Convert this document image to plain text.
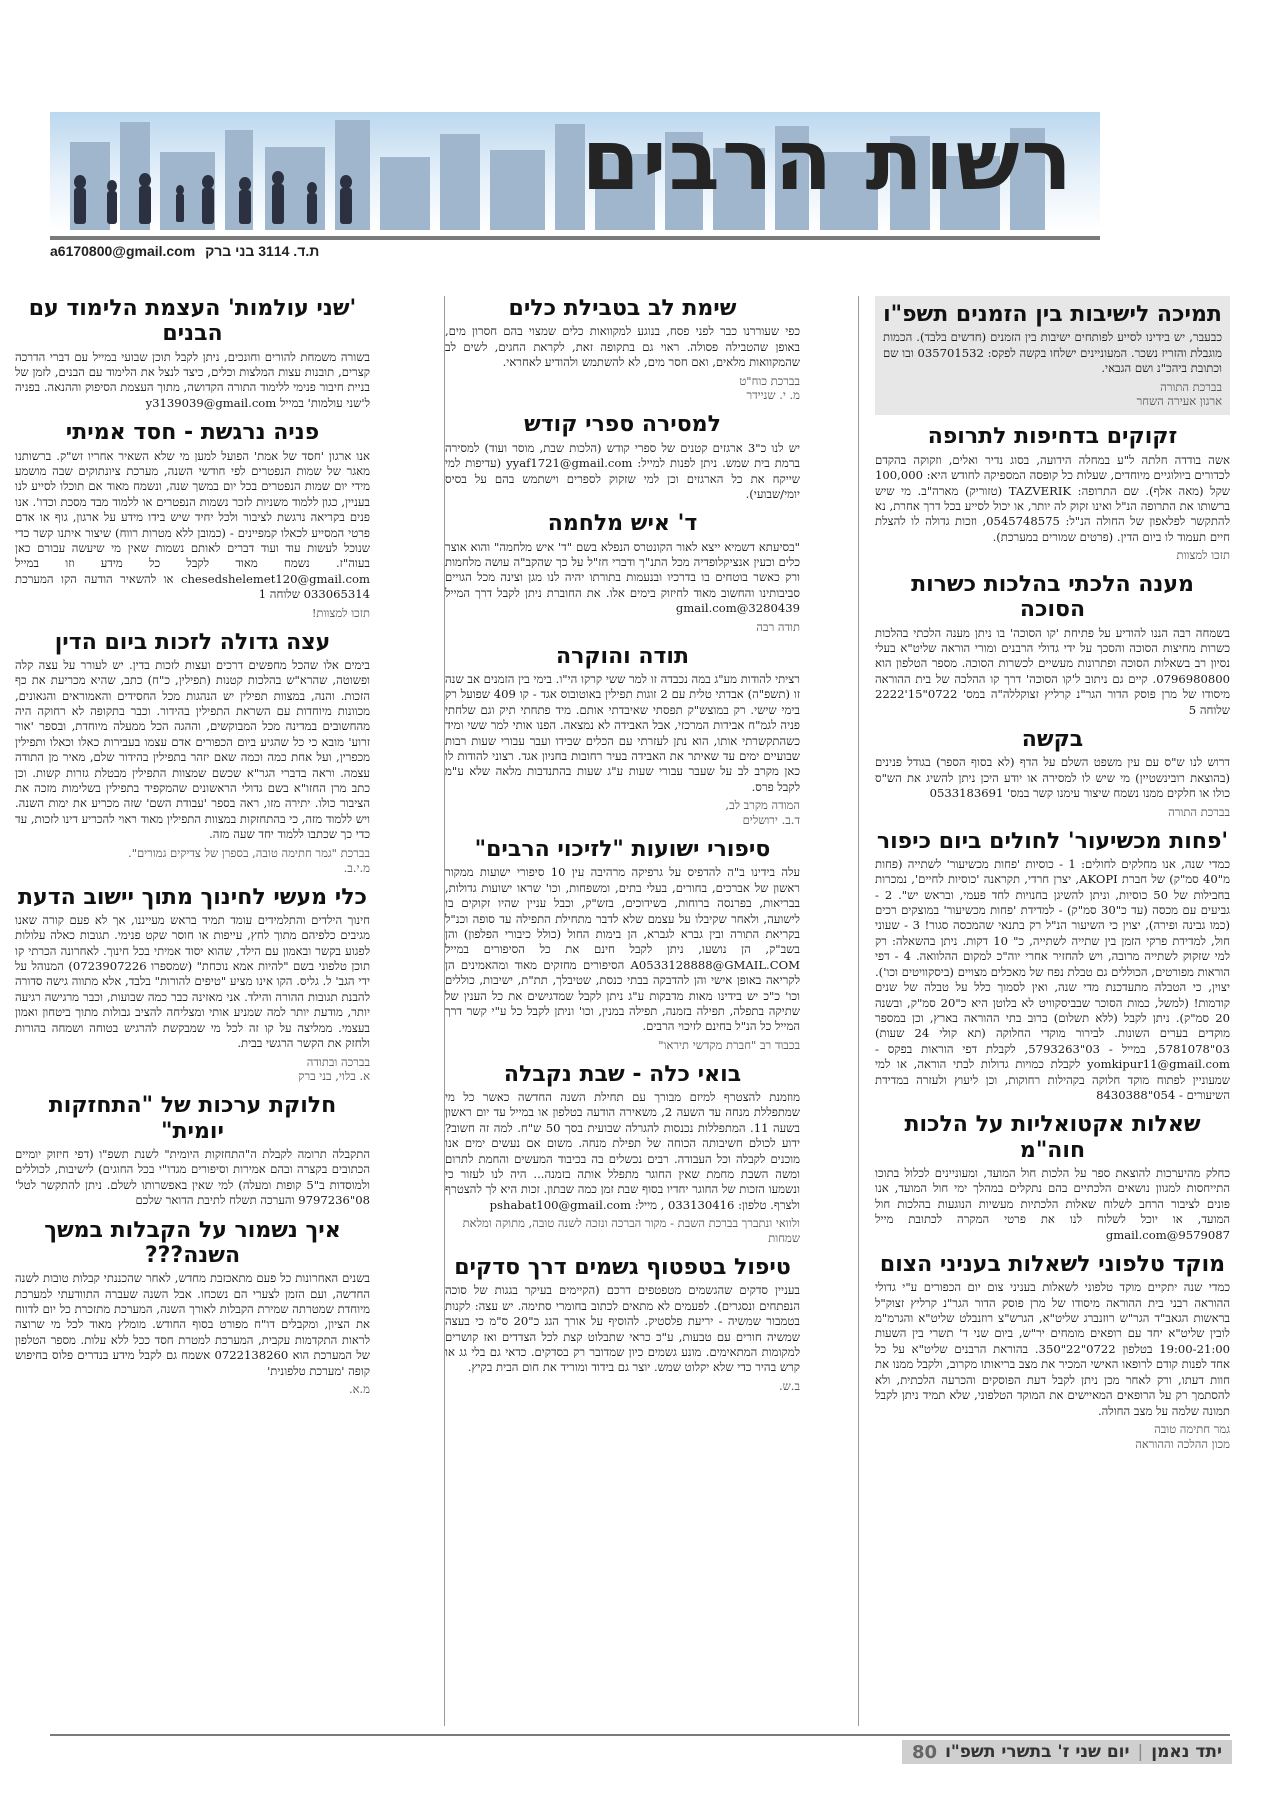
רשות הרבים
a6170800@gmail.com ת.ד. 3114 בני ברק
תמיכה לישיבות בין הזמנים תשפ"ו

כבעבר, יש בידינו לסייע לפותחים ישיבות בין הזמנים (חדשים בלבד). הכמות מוגבלת והזריז נשכר. המעוניינים ישלחו בקשה לפקס: 035701532 ובו שם וכתובת ביהכ"נ ושם הגבאי.

בברכת התורה
ארגון אעירה השחר
זקוקים בדחיפות לתרופה

אשה בודדה חלתה ל"ע במחלה הידועה, בסוג נדיר ואלים, וזקוקה בהקדם לכדורים ביולוגיים מיוחדים, שעלות כל קופסה המספיקה לחודש היא: 100,000 שקל (מאה אלף). שם התרופה: TAZVERIK (טזוריק) מארה"ב. מי שיש ברשותו את התרופה הנ"ל ואינו זקוק לה יותר, או יכול לסייע בכל דרך אחרת, נא להתקשר לפלאפון של החולה הנ"ל: 0545748575, וזכות גדולה לו להצלת חיים תעמוד לו ביום הדין. (פרטים שמורים במערכת).

תזכו למצוות
מענה הלכתי בהלכות כשרות הסוכה

בשמחה רבה הננו להודיע על פתיחת 'קו הסוכה' בו ניתן מענה הלכתי בהלכות כשרות מחיצות הסוכה והסכך על ידי גדולי הרבנים ומורי הוראה שליט"א בעלי נסיון רב בשאלות הסוכה ופתרונות מעשיים לכשרות הסוכה. מספר הטלפון הוא 0796980800. קיים גם ניתוב ל'קו הסוכה' דרך קו ההלכה של בית ההוראה מיסודו של מרן פוסק הדור הגר"נ קרליץ זצוקללה"ה במס' 0722"15'2222 שלוחה 5

בקשה

דרוש לנו ש"ס עם עין משפט השלם על הדף (לא בסוף הספר) בגודל פנינים (בהוצאת רובינשטיין) מי שיש לו למסירה או יודע היכן ניתן להשיג את הש"ס כולו או חלקים ממנו נשמח שיצור עימנו קשר במס' 0533183691

בברכת התורה
'פחות מכשיעור' לחולים ביום כיפור

כמדי שנה, אנו מחלקים לחולים: 1 - כוסיות 'פחות מכשיעור' לשתייה (פחות מ"40 סמ"ק) של חברת AKOPI, יצרן חרדי, תקראנה 'כוסיות לחיים', נמכרות בחבילות של 50 כוסיות, וניתן להשיגן בחנויות לחד פעמי, ובראש יש". 2 - גביעים עם מכסה (עד כ"30 סמ"ק) - למדידת 'פחות מכשיעור' במוצקים רכים (כמו גבינה ופירה), יצוין כי השיעור הנ"ל רק בתנאי שהמכסה סגור! 3 - שעוני חול, למדידת פרקי הזמן בין שתייה לשתייה, כ" 10 דקות. ניתן בהשאלה: רק למי שזקוק לשתייה מרובה, ויש להחזיר אחרי יוה"כ למקום ההלוואה. 4 - דפי הוראות מפורטים, הכוללים גם טבלת נפח של מאכלים מצויים (ביסקוויטים וכו'). יצוין, כי הטבלה מתעדכנת מדי שנה, ואין לסמוך כלל על טבלה של שנים קודמות! (למשל, כמות הסוכר שבביסקוויט לא בלוטן היא כ"20 סמ"ק, ובשנה 20 סמ"ק). ניתן לקבל (ללא תשלום) ברוב בתי ההוראה בארץ, וכן במספר מוקדים בערים השונות. לבירור מוקדי החלוקה (תא קולי 24 שעות) 03"5781078, במייל - 03"5793263, לקבלת דפי הוראות בפקס - yomkipur11@gmail.com לקבלת כמויות גדולות לבתי הוראה, או למי שמעוניין לפתוח מוקד חלוקה בקהילות רחוקות, וכן ליעוץ ולעזרה במדידת השיעורים - 054"8430388

שאלות אקטואליות על הלכות חוה"מ

כחלק מהיערכות להוצאת ספר על הלכות חול המועד, ומעוניינים לכלול בתוכו התייחסות למגוון נושאים הלכתיים בהם נתקלים במהלך ימי חול המועד, אנו פונים לציבור הרחב לשלוח שאלות הלכתיות מעשיות הנוגעות בהלכות חול המועד, או יוכל לשלוח לנו את פרטי המקרה לכתובת מייל 9579087@gmail.com

מוקד טלפוני לשאלות בעניני הצום

כמדי שנה יתקיים מוקד טלפוני לשאלות בעניני צום יום הכפורים ע"י גדולי ההוראה רבני בית ההוראה מיסודו של מרן פוסק הדור הגר"נ קרליץ זצוק"ל בראשות הגאב"ד הגר"ש רוזנברג שליט"א, הגרש"צ רוזנבלט שליט"א והגרמ"מ לובין שליט"א יחד עם רופאים מומחים יר"ש, ביום שני ד' תשרי בין השעות 19:00-21:00 בטלפון 0722"22"350. בהוראת הרבנים שליט"א על כל אחד לפנות קודם לרופאו האישי המכיר את מצב בריאותו מקרוב, ולקבל ממנו את חוות דעתו, ורק לאחר מכן ניתן לקבל דעת הפוסקים והכרעה הלכתית, ולא להסתמך רק על הרופאים המאיישים את המוקד הטלפוני, שלא תמיד ניתן לקבל תמונה שלמה על מצב החולה.

גמר חתימה טובה
מכון ההלכה וההוראה
שימת לב בטבילת כלים

כפי שעוררנו כבר לפני פסח, בנוגע למקוואות כלים שמצוי בהם חסרון מים, באופן שהטבילה פסולה. ראוי גם בתקופה זאת, לקראת החגים, לשים לב שהמקוואות מלאים, ואם חסר מים, לא להשתמש ולהודיע לאחראי.

בברכת כוח"ט
מ. י. שניידר
למסירה ספרי קודש

יש לנו כ"3 ארגזים קטנים של ספרי קודש (הלכות שבת, מוסר ועוד) למסירה ברמת בית שמש. ניתן לפנות למייל: yyaf1721@gmail.com (עדיפות למי שייקח את כל הארגזים וכן למי שזקוק לספרים וישתמש בהם על בסיס יומי/שבועי).

ד' איש מלחמה

"בסיעתא דשמיא ייצא לאור הקונטרס הנפלא בשם "ד' איש מלחמה" והוא אוצר כלים וכעין אנציקלופדיה מכל התנ"ך ודברי חז"ל על כך שהקב"ה עושה מלחמות ורק כאשר בוטחים בו בדרכיו ובנעמות בתורתו יהיה לנו מגן וצינה מכל הגויים סביבותינו והחשוב מאוד לחיזוק בימים אלו. את החוברת ניתן לקבל דרך המייל 3280439@gmail.com

תודה רבה
תודה והוקרה

רציתי להודות מע"ג במה נכבדה זו למר ששי קרקו הי"ו. בימי בין הזמנים אב שנה זו (תשפ"ה) אבדתי טלית עם 2 זוגות תפילין באוטובוס אגד - קו 409 שפועל רק בימי שישי. רק במוצש"ק תפסתי שאיבדתי אותם. מיד פתחתי תיק וגם שלחתי פניה לגמ"ח אבידות המרכזי, אבל האבידה לא נמצאה. הפנו אותי למר ששי ומיד כשהתקשרתי אותו, הוא נתן לעזרתי עם הכלים שבידו ועבר עבורי שעות רבות שבועיים ימים עד שאיתר את האבידה בעיר רחובות בחניון אגד. רצוני להודות לו כאן מקרב לב על שעבר עבורי שעות ע"ג שעות בהתנדבות מלאה שלא ע"מ לקבל פרס.

המודה מקרב לב,
ד.ב. ירושלים
סיפורי ישועות "לזיכוי הרבים"

עלה בידינו ב"ה להדפיס על גרפיקה מרהיבה עין 10 סיפורי ישועות ממקור ראשון של אברכים, בחורים, בעלי בתים, ומשפחות, וכו' שראו ישועות גדולות, בבריאות, בפרנסה ברוחות, בשידוכים, בזש"ק, וכבל עניין שהיו זקוקים בו לישועה, ולאחר שקיבלו על עצמם שלא לדבר מתחילת התפילה עד סופה וכנ"ל בקריאת התורה ובין גברא לגברא, הן בימות החול (כולל כיבורי הפלפון) והן בשב"ק, הן נושעו, ניתן לקבל חינם את כל הסיפורים במייל A0533128888@GMAIL.COM הסיפורים מחזקים מאוד ומהאמינים הן לקריאה באופן אישי והן להדבקה בבתי כנסת, שטיבלך, תת"ת, ישיבות, כוללים וכו' כ"כ יש בידינו מאות מדבקות ע"ג ניתן לקבל שמדגישים את כל הענין של שתיקה בתפלה, תפילה בזמנה, תפילה במנין, וכו' וניתן לקבל כל ע"י קשר דרך המייל כל הנ"ל בחינם לזיכוי הרבים.

בכבוד רב "חברת מקדשי תיראו"
בואי כלה - שבת נקבלה

מוזמנת להצטרף למיזם מבורך עם תחילת השנה החדשה כאשר כל מי שמתפללת מנחה עד השעה 2, משאירה הודעה בטלפון או במייל עד יום ראשון בשעה 11. המתפללות נכנסות להגרלה שבועית בסך 50 ש"ח. למה זה חשוב? ידוע לכולם חשיבותה הכוחה של תפילת מנחה. משום אם נעשים ימים אנו מוכנים לקבלה וכל העבודה. רבים נכשלים בה בכיבוד המעשים והחמת לתרום ומשה השבת מחמת שאין החוגר מתפלל אותה בזמנה... היה לנו לעזור כי ונשמעו הזכות של החוגר יחדיו בסוף שבת זמן כמה שבתון. זכות היא לך להצטרף ולצרף. טלפון: 033130416 , מייל: pshabat100@gmail.com

ולוואי ונתברך בברכת השבת - מקור הברכה ונזכה לשנה טובה, מתוקה ומלאת שמחות
טיפול בטפטוף גשמים דרך סדקים

בעניין סדקים שהגשמים מטפטפים דרכם (הקיימים בעיקר בגגות של סוכה הנפתחים ונסגרים). לפעמים לא מתאים לכתוב בחומרי סתימה. יש עצה: לקנות בטמבור שמשיה - יריעת פלסטיק. להוסיף על אורך הגג כ"20 ס"מ כי בעצה שמשיה חורים עם טבעות, ע"כ כראי שתבלוט קצת לכל הצדדים ואז קושרים למקומות המתאימים. מונע גשמים כיון שמדובר רק בסדקים. כדאי גם בלי גג או קרש בהיר כדי שלא יקלוט שמש. יוצר גם בידוד ומוריד את חום הבית בקיץ.

ב.ש.
'שני עולמות' העצמת הלימוד עם הבנים

בשורה משמחת להורים וחונכים, ניתן לקבל תוכן שבועי במייל עם דברי הדרכה קצרים, תובנות עצות המלצות וכלים, כיצד לנצל את הלימוד עם הבנים, לזמן של בניית חיבור פנימי ללימוד התורה הקדושה, מתוך העצמת הסיפוק וההנאה. בפניה ל'שני עולמות' במייל y3139039@gmail.com

פניה נרגשת - חסד אמיתי

אנו ארגון 'חסד של אמת' הפועל למען מי שלא השאיר אחריו זש"ק. ברשותנו מאגר של שמות הנפטרים לפי חודשי השנה, מערכת ציונתוקים שבה מושמע מידי יום שמות הנפטרים בכל יום במשך שנה, ונשמח מאוד אם תוכלו לסייע לנו בעניין, כגון ללמוד משניות לזכר נשמות הנפטרים או ללמוד מבד מסכת וכדו'. אנו פנים בקריאה נרגשת לציבור ולכל יחיד שיש בידו מידע על ארגון, גוף או אדם פרטי המסייע לכאלו קמפיינים - (כמובן ללא מטרות רווח) שיצור איתנו קשר כדי שנוכל לעשות עוד ועוד דברים לאותם נשמות שאין מי שיעשה עבורם כאן בעוה"ז. נשמח מאוד לקבל כל מידע וזו במייל chesedshelemet120@gmail.com או להשאיר הודעה הקו המערכת 033065314 שלוחה 1

תזכו למצוות!
עצה גדולה לזכות ביום הדין

בימים אלו שהכל מחפשים דרכים ועצות לזכות בדין. יש לעורר על עצה קלה ופשוטה, שהרא"ש בהלכות קטנות (תפילין, כ"ח) כתב, שהיא מכריעת את כף הזכות. והנה, במצוות תפילין יש הנהגות מכל החסידים והאמוראים והגאונים, מכוונות מיוחדות עם השראת התפילין בהידור. וכבר בתקופה לא רחוקה היה מהחשובים במדינה מכל המבוקשים, וההגה הכל ממעלה מיוחדת, ובספר 'אור זרוע' מובא כי כל שהגיע ביום הכפורים אדם עצמו בעבירות כאלו וכאלו ותפילין מכפרין, ועל אחת כמה וכמה שאם יזהר בתפילין בהידור שלם, מאיר מן התודה עצמה. וראה בדברי הגר"א שכשם שמצוות התפילין מבטלת גזרות קשות. וכן כתב מרן החזו"א בשם גדולי הראשונים שהמקפיד בתפילין בשלימות מזכה את הציבור כולו. יתירה מזו, ראה בספר 'עבודת השם' שזה מכריע את ימות השנה. ויש ללמוד מזה, כי בהתחזקות במצוות התפילין מאוד ראוי להכריע דינו לזכות, עד כדי כך שכתבו ללמוד יחד שעה מזה.

בברכת "גמר חתימה טובה, בספרן של צדיקים גמורים".
מ.י.ב.
כלי מעשי לחינוך מתוך יישוב הדעת

חינוך הילדים והתלמידים עומד תמיד בראש מעייננו, אך לא פעם קורה שאנו מגיבים כלפיהם מתוך לחץ, עייפות או חוסר שקט פנימי. תגובות כאלה עלולות לפגוע בקשר ובאמון עם הילד, שהוא יסוד אמיתי בכל חינוך. לאחרונה הכרתי קו תוכן טלפוני בשם "להיות אמא נוכחת" (שמספרו 0723907226) המנוהל על ידי הגב' ל. גליס. הקו אינו מציע "טיפים להורות" בלבד, אלא מתווה גישה סדורה להבנת תגובות ההורה והילד. אני מאזינה כבר כמה שבועות, וכבר מרגישה רגיעה יותר, מודעת יותר למה שמניע אותי ומצליחה להציב גבולות מתוך ביטחון ואמון בעצמי. ממליצה על קו זה לכל מי שמבקשת להרגיש בטוחה ושמחה בהורות ולחזק את הקשר הרגשי בבית.

בברכה ובתודה
א. בלוי, בני ברק
חלוקת ערכות של "התחזקות יומית"

התקבלה תרומה לקבלת ה"התחזקות היומית" לשנת תשפ"ו (דפי חיזוק יומיים הכתובים בקצרה ובהם אמירות וסיפורים מגדו"י בכל החוגים) לישיבות, לכוללים ולמוסדות ב"5 קופות ומעלה) למי שאין באפשרותו לשלם. ניתן להתקשר לטל' 08"9797236 והערכה תשלח לתיבת הדואר שלכם

איך נשמור על הקבלות במשך השנה???

בשנים האחרונות כל פעם מתאכזבת מחדש, לאחר שהכננתי קבלות טובות לשנה החדשה, ועם הזמן לצערי הם נשכחו. אבל השנה שעברה התוודעתי למערכת מיוחדת שמטרתה שמירת הקבלות לאורך השנה, המערכת מתזכרת כל יום לדווח את הציון, ומקבלים דו"ח מפורט בסוף החודש. מומלץ מאוד לכל מי שרוצה לראות התקדמות עקבית, המערכת למטרת חסד ככל ללא עלות. מספר הטלפון של המערכת הוא 0722138260 אשמח גם לקבל מידע בנדרים פלוס בחיפוש קופה 'מערכת טלפונית'

מ.א.
יתד נאמן
|
יום שני ז' בתשרי תשפ"ו
80
